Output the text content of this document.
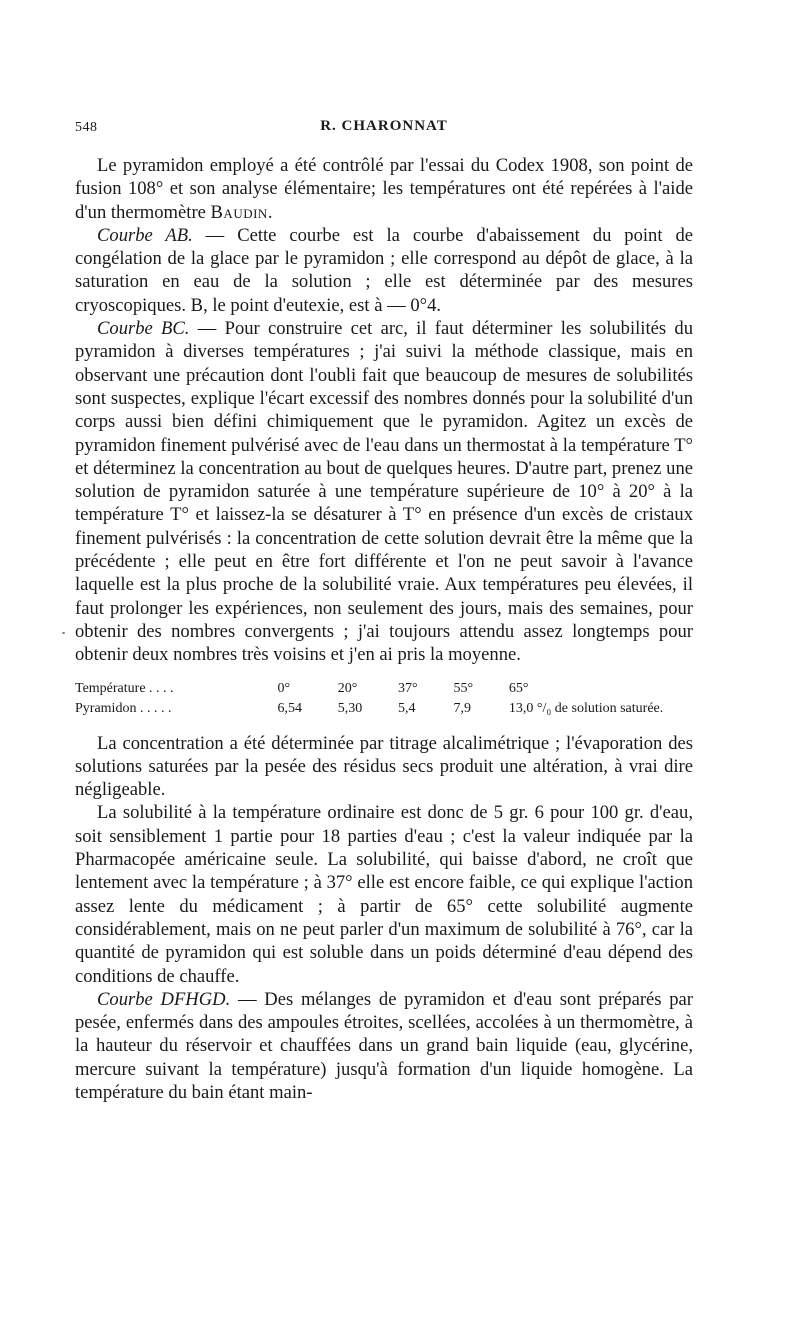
548	R. CHARONNAT

Le pyramidon employé a été contrôlé par l'essai du Codex 1908, son point de fusion 108° et son analyse élémentaire; les températures ont été repérées à l'aide d'un thermomètre Baudin.

Courbe AB. — Cette courbe est la courbe d'abaissement du point de congélation de la glace par le pyramidon ; elle correspond au dépôt de glace, à la saturation en eau de la solution ; elle est déterminée par des mesures cryoscopiques. B, le point d'eutexie, est à — 0°4.

Courbe BC. — Pour construire cet arc, il faut déterminer les solubilités du pyramidon à diverses températures ; j'ai suivi la méthode classique, mais en observant une précaution dont l'oubli fait que beaucoup de mesures de solubilités sont suspectes, explique l'écart excessif des nombres donnés pour la solubilité d'un corps aussi bien défini chimiquement que le pyramidon. Agitez un excès de pyramidon finement pulvérisé avec de l'eau dans un thermostat à la température T° et déterminez la concentration au bout de quelques heures. D'autre part, prenez une solution de pyramidon saturée à une température supérieure de 10° à 20° à la température T° et laissez-la se désaturer à T° en présence d'un excès de cristaux finement pulvérisés : la concentration de cette solution devrait être la même que la précédente ; elle peut en être fort différente et l'on ne peut savoir à l'avance laquelle est la plus proche de la solubilité vraie. Aux températures peu élevées, il faut prolonger les expériences, non seulement des jours, mais des semaines, pour obtenir des nombres convergents ; j'ai toujours attendu assez longtemps pour obtenir deux nombres très voisins et j'en ai pris la moyenne.

Température . . . .	0°	20°	37°	55°	65°
Pyramidon . . . . .	6,54	5,30	5,4	7,9	13,0 °/₀ de solution saturée.

La concentration a été déterminée par titrage alcalimétrique ; l'évaporation des solutions saturées par la pesée des résidus secs produit une altération, à vrai dire négligeable.

La solubilité à la température ordinaire est donc de 5 gr. 6 pour 100 gr. d'eau, soit sensiblement 1 partie pour 18 parties d'eau ; c'est la valeur indiquée par la Pharmacopée américaine seule. La solubilité, qui baisse d'abord, ne croît que lentement avec la température ; à 37° elle est encore faible, ce qui explique l'action assez lente du médicament ; à partir de 65° cette solubilité augmente considérablement, mais on ne peut parler d'un maximum de solubilité à 76°, car la quantité de pyramidon qui est soluble dans un poids déterminé d'eau dépend des conditions de chauffe.

Courbe DFHGD. — Des mélanges de pyramidon et d'eau sont préparés par pesée, enfermés dans des ampoules étroites, scellées, accolées à un thermomètre, à la hauteur du réservoir et chauffées dans un grand bain liquide (eau, glycérine, mercure suivant la température) jusqu'à formation d'un liquide homogène. La température du bain étant main-
